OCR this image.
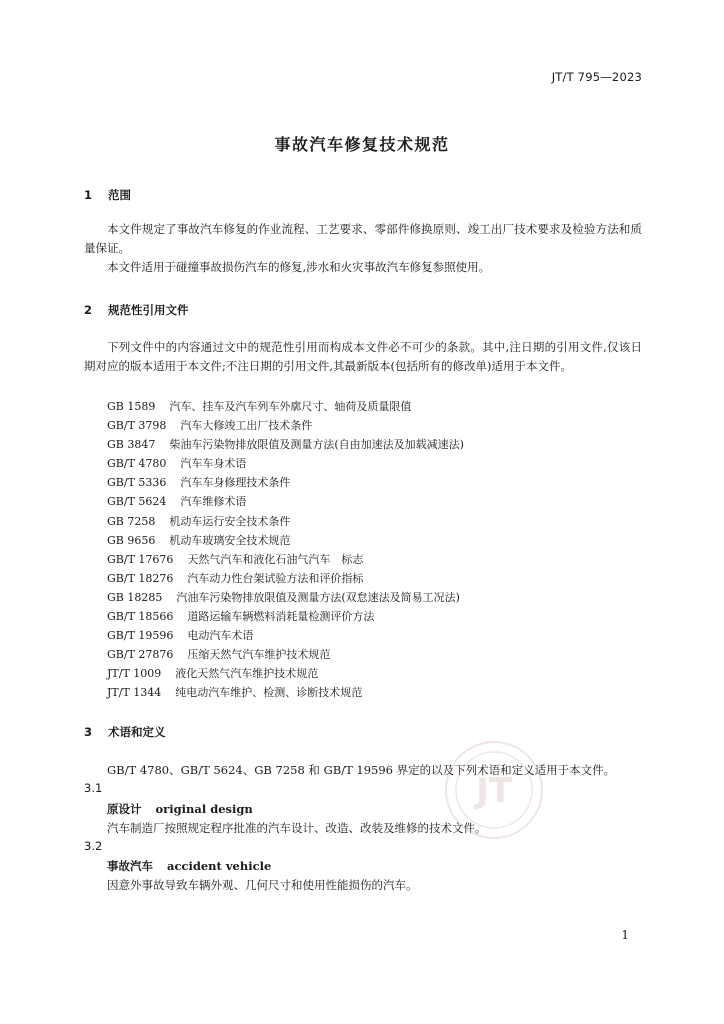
JT/T 795—2023
事故汽车修复技术规范
1 范围

本文件规定了事故汽车修复的作业流程、工艺要求、零部件修换原则、竣工出厂技术要求及检验方法和质量保证。

本文件适用于碰撞事故损伤汽车的修复,涉水和火灾事故汽车修复参照使用。

2 规范性引用文件

下列文件中的内容通过文中的规范性引用而构成本文件必不可少的条款。其中,注日期的引用文件,仅该日期对应的版本适用于本文件;不注日期的引用文件,其最新版本(包括所有的修改单)适用于本文件。

GB 1589 汽车、挂车及汽车列车外廓尺寸、轴荷及质量限值
GB/T 3798 汽车大修竣工出厂技术条件
GB 3847 柴油车污染物排放限值及测量方法(自由加速法及加载减速法)
GB/T 4780 汽车车身术语
GB/T 5336 汽车车身修理技术条件
GB/T 5624 汽车维修术语
GB 7258 机动车运行安全技术条件
GB 9656 机动车玻璃安全技术规范
GB/T 17676 天然气汽车和液化石油气汽车　标志
GB/T 18276 汽车动力性台架试验方法和评价指标
GB 18285 汽油车污染物排放限值及测量方法(双怠速法及简易工况法)
GB/T 18566 道路运输车辆燃料消耗量检测评价方法
GB/T 19596 电动汽车术语
GB/T 27876 压缩天然气汽车维护技术规范
JT/T 1009 液化天然气汽车维护技术规范
JT/T 1344 纯电动汽车维护、检测、诊断技术规范
3 术语和定义

GB/T 4780、GB/T 5624、GB 7258 和 GB/T 19596 界定的以及下列术语和定义适用于本文件。

3.1
原设计 original design
汽车制造厂按照规定程序批准的汽车设计、改造、改装及维修的技术文件。
3.2
事故汽车 accident vehicle
因意外事故导致车辆外观、几何尺寸和使用性能损伤的汽车。
JT
1
